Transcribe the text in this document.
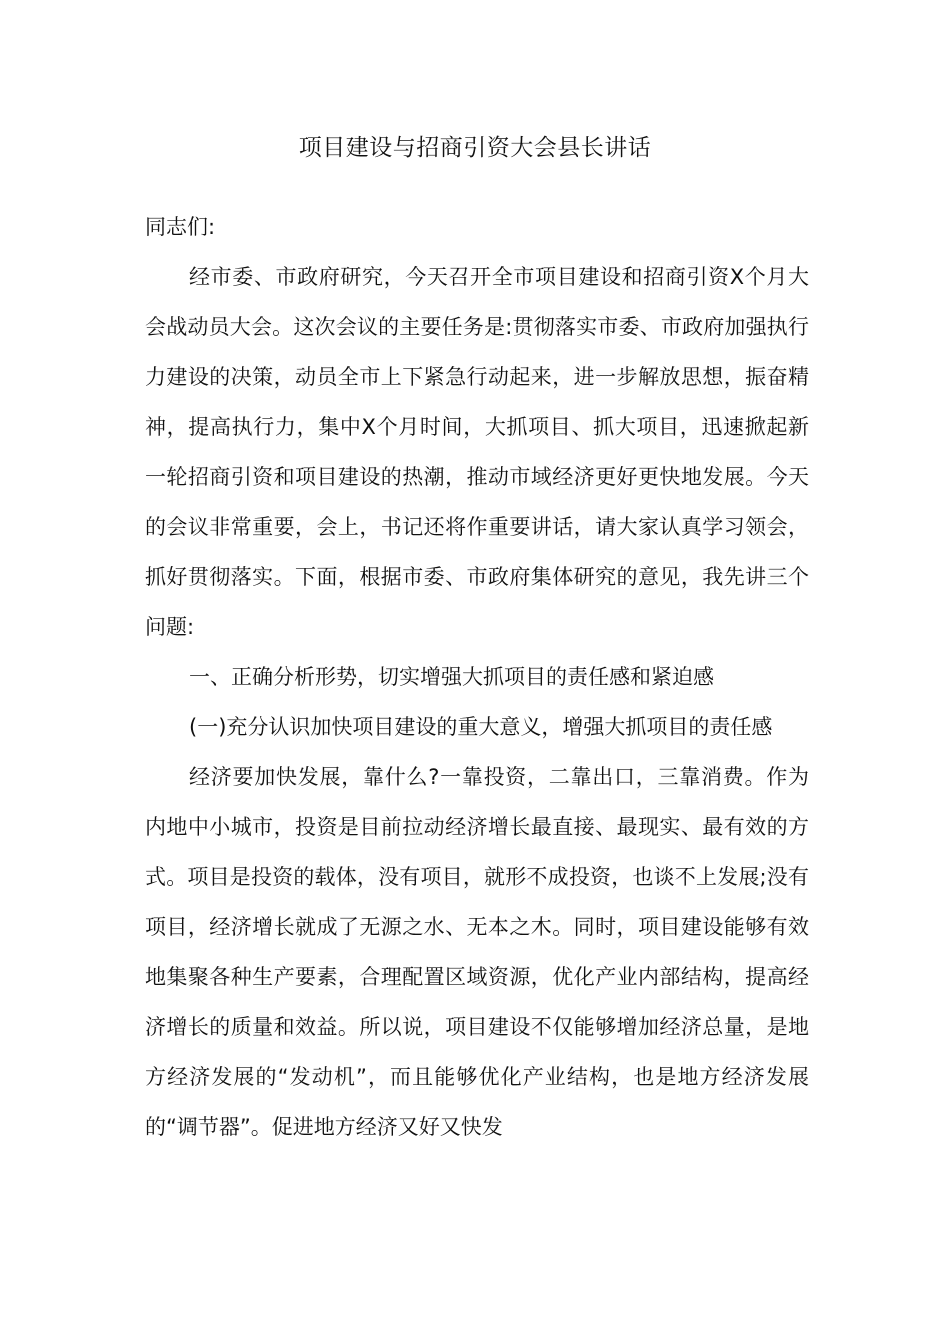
项目建设与招商引资大会县长讲话

同志们:

经市委、市政府研究，今天召开全市项目建设和招商引资X个月大会战动员大会。这次会议的主要任务是:贯彻落实市委、市政府加强执行力建设的决策，动员全市上下紧急行动起来，进一步解放思想，振奋精神，提高执行力，集中X个月时间，大抓项目、抓大项目，迅速掀起新一轮招商引资和项目建设的热潮，推动市域经济更好更快地发展。今天的会议非常重要，会上，书记还将作重要讲话，请大家认真学习领会，抓好贯彻落实。下面，根据市委、市政府集体研究的意见，我先讲三个问题:

一、正确分析形势，切实增强大抓项目的责任感和紧迫感

(一)充分认识加快项目建设的重大意义，增强大抓项目的责任感

经济要加快发展，靠什么?一靠投资，二靠出口，三靠消费。作为内地中小城市，投资是目前拉动经济增长最直接、最现实、最有效的方式。项目是投资的载体，没有项目，就形不成投资，也谈不上发展;没有项目，经济增长就成了无源之水、无本之木。同时，项目建设能够有效地集聚各种生产要素，合理配置区域资源，优化产业内部结构，提高经济增长的质量和效益。所以说，项目建设不仅能够增加经济总量，是地方经济发展的“发动机”，而且能够优化产业结构，也是地方经济发展的“调节器”。促进地方经济又好又快发
